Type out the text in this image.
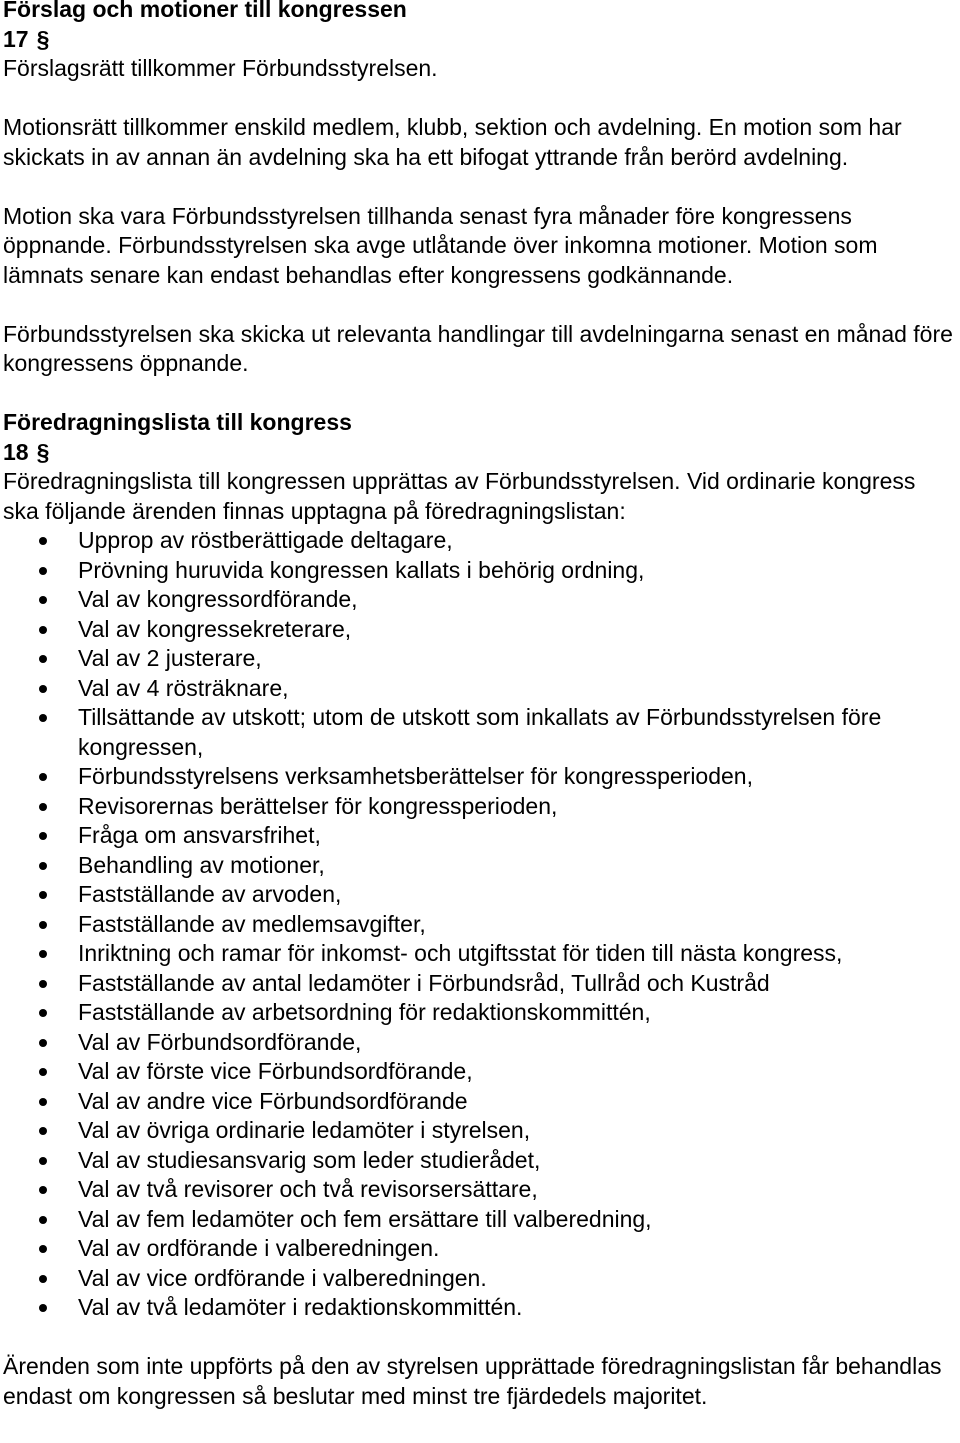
Förslag och motioner till kongressen
17 §

Förslagsrätt tillkommer Förbundsstyrelsen.

Motionsrätt tillkommer enskild medlem, klubb, sektion och avdelning. En motion som har skickats in av annan än avdelning ska ha ett bifogat yttrande från berörd avdelning.

Motion ska vara Förbundsstyrelsen tillhanda senast fyra månader före kongressens öppnande. Förbundsstyrelsen ska avge utlåtande över inkomna motioner. Motion som lämnats senare kan endast behandlas efter kongressens godkännande.

Förbundsstyrelsen ska skicka ut relevanta handlingar till avdelningarna senast en månad före kongressens öppnande.

Föredragningslista till kongress
18 §

Föredragningslista till kongressen upprättas av Förbundsstyrelsen. Vid ordinarie kongress ska följande ärenden finnas upptagna på föredragningslistan:

Upprop av röstberättigade deltagare,
Prövning huruvida kongressen kallats i behörig ordning,
Val av kongressordförande,
Val av kongressekreterare,
Val av 2 justerare,
Val av 4 rösträknare,
Tillsättande av utskott; utom de utskott som inkallats av Förbundsstyrelsen före kongressen,
Förbundsstyrelsens verksamhetsberättelser för kongressperioden,
Revisorernas berättelser för kongressperioden,
Fråga om ansvarsfrihet,
Behandling av motioner,
Fastställande av arvoden,
Fastställande av medlemsavgifter,
Inriktning och ramar för inkomst- och utgiftsstat för tiden till nästa kongress,
Fastställande av antal ledamöter i Förbundsråd, Tullråd och Kustråd
Fastställande av arbetsordning för redaktionskommittén,
Val av Förbundsordförande,
Val av förste vice Förbundsordförande,
Val av andre vice Förbundsordförande
Val av övriga ordinarie ledamöter i styrelsen,
Val av studiesansvarig som leder studierådet,
Val av två revisorer och två revisorsersättare,
Val av fem ledamöter och fem ersättare till valberedning,
Val av ordförande i valberedningen.
Val av vice ordförande i valberedningen.
Val av två ledamöter i redaktionskommittén.

Ärenden som inte uppförts på den av styrelsen upprättade föredragningslistan får behandlas endast om kongressen så beslutar med minst tre fjärdedels majoritet.
